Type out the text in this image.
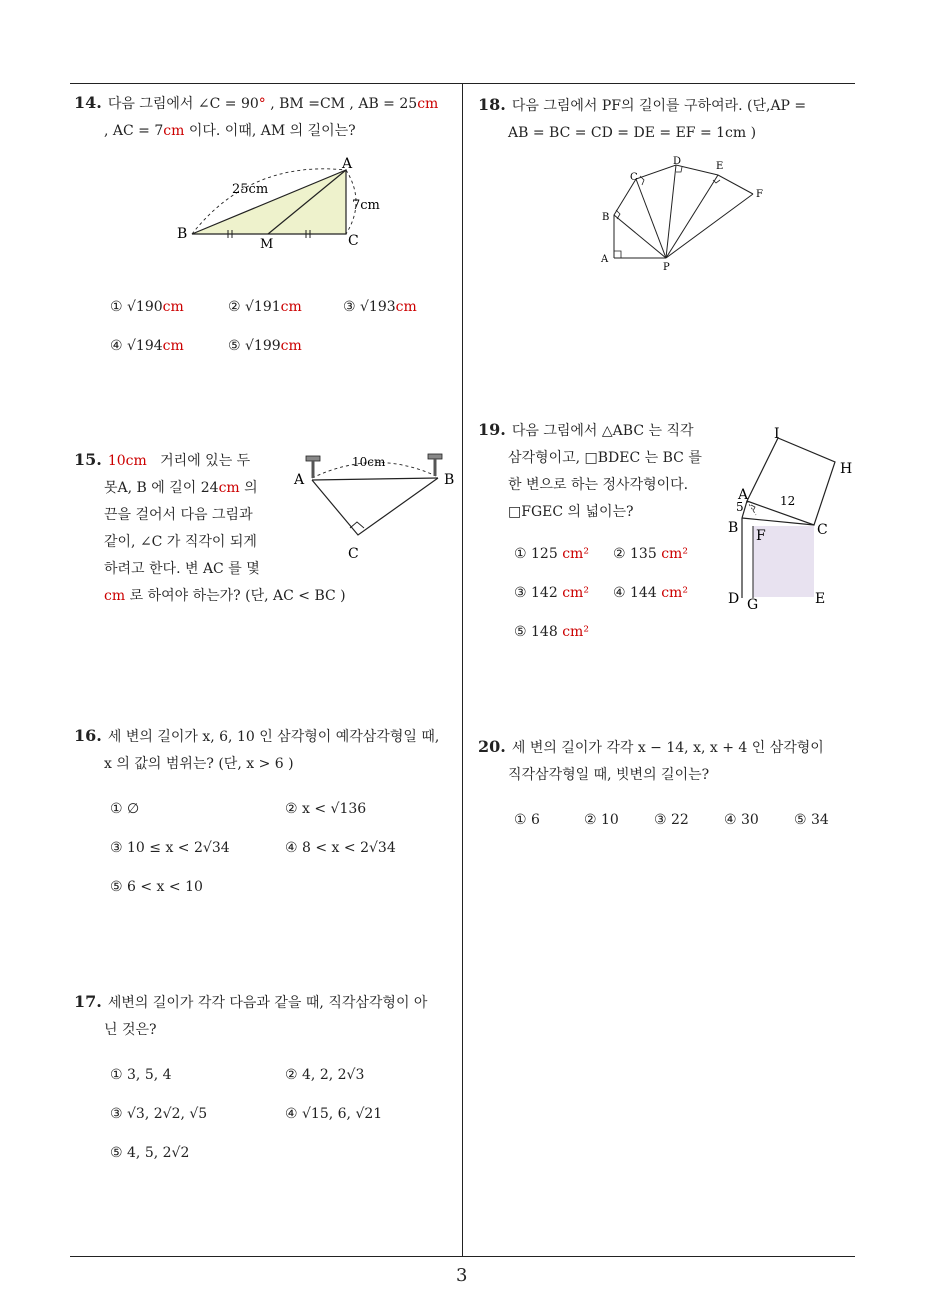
14. 다음 그림에서 ∠C = 90° , BM =CM , AB = 25cm
, AC = 7cm 이다. 이때, AM 의 길이는?
A
B	C
M
25cm
7cm
① √190cm	② √191cm	③ √193cm
④ √194cm	⑤ √199cm
15. 10cm 거리에 있는 두
못A, B 에 길이 24cm 의
끈을 걸어서 다음 그림과
같이, ∠C 가 직각이 되게
하려고 한다. 변 AC 를 몇
cm 로 하여야 하는가? (단, AC < BC )
A	B
C
10cm
16. 세 변의 길이가 x, 6, 10 인 삼각형이 예각삼각형일 때,
x 의 값의 범위는? (단, x > 6 )
① ∅	② x < √136
③ 10 ≤ x < 2√34	④ 8 < x < 2√34
⑤ 6 < x < 10
17. 세변의 길이가 각각 다음과 같을 때, 직각삼각형이 아
닌 것은?
① 3, 5, 4	② 4, 2, 2√3
③ √3, 2√2, √5	④ √15, 6, √21
⑤ 4, 5, 2√2
18. 다음 그림에서 PF의 길이를 구하여라. (단,AP =
AB = BC = CD = DE = EF = 1cm )
A
B
C
D	E
F
P
19. 다음 그림에서 △ABC 는 직각
삼각형이고, □BDEC 는 BC 를
한 변으로 하는 정사각형이다.
□FGEC 의 넓이는?
① 125 cm² ② 135 cm²
③ 142 cm² ④ 144 cm²
⑤ 148 cm²
I
H
A
5	12
B	C
F
D G	E
20. 세 변의 길이가 각각 x − 14, x, x + 4 인 삼각형이
직각삼각형일 때, 빗변의 길이는?
① 6	② 10	③ 22	④ 30	⑤ 34
3
